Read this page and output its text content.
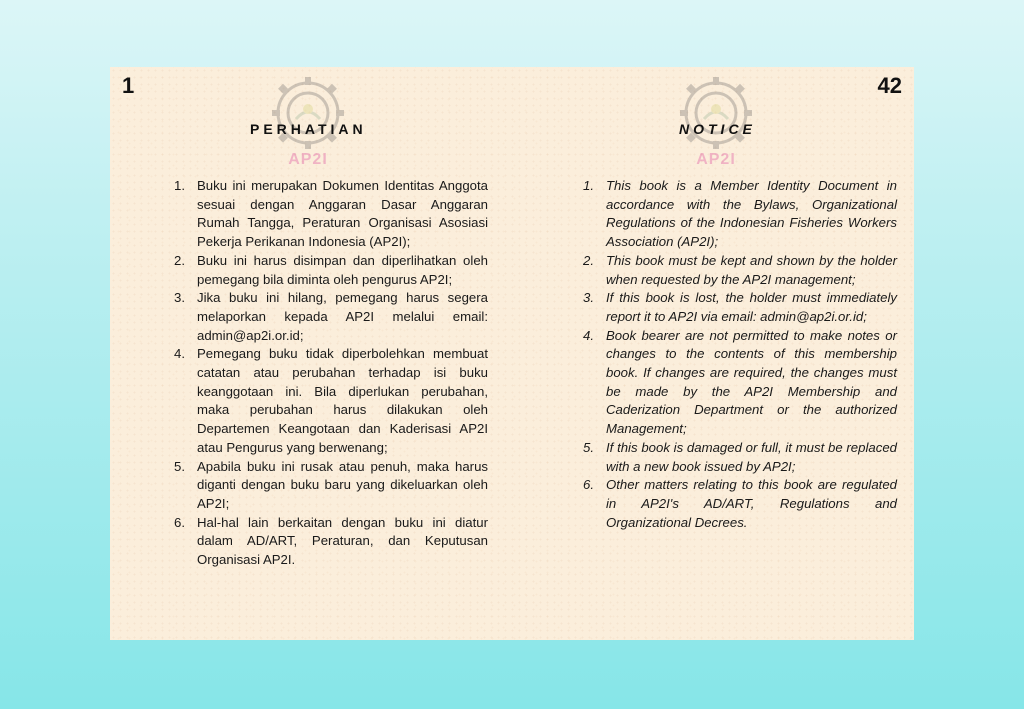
1	42
AP2I	AP2I
PERHATIAN	NOTICE
1. Buku ini merupakan Dokumen Identitas Anggota sesuai dengan Anggaran Dasar Anggaran Rumah Tangga, Peraturan Organisasi Asosiasi Pekerja Perikanan Indonesia (AP2I);
2. Buku ini harus disimpan dan diperlihatkan oleh pemegang bila diminta oleh pengurus AP2I;
3. Jika buku ini hilang, pemegang harus segera melaporkan kepada AP2I melalui email: admin@ap2i.or.id;
4. Pemegang buku tidak diperbolehkan membuat catatan atau perubahan terhadap isi buku keanggotaan ini. Bila diperlukan perubahan, maka perubahan harus dilakukan oleh Departemen Keangotaan dan Kaderisasi AP2I atau Pengurus yang berwenang;
5. Apabila buku ini rusak atau penuh, maka harus diganti dengan buku baru yang dikeluarkan oleh AP2I;
6. Hal-hal lain berkaitan dengan buku ini diatur dalam AD/ART, Peraturan, dan Keputusan Organisasi AP2I.
1. This book is a Member Identity Document in accordance with the Bylaws, Organizational Regulations of the Indonesian Fisheries Workers Association (AP2I);
2. This book must be kept and shown by the holder when requested by the AP2I management;
3. If this book is lost, the holder must immediately report it to AP2I via email: admin@ap2i.or.id;
4. Book bearer are not permitted to make notes or changes to the contents of this membership book. If changes are required, the changes must be made by the AP2I Membership and Caderization Department or the authorized Management;
5. If this book is damaged or full, it must be replaced with a new book issued by AP2I;
6. Other matters relating to this book are regulated in AP2I's AD/ART, Regulations and Organizational Decrees.
